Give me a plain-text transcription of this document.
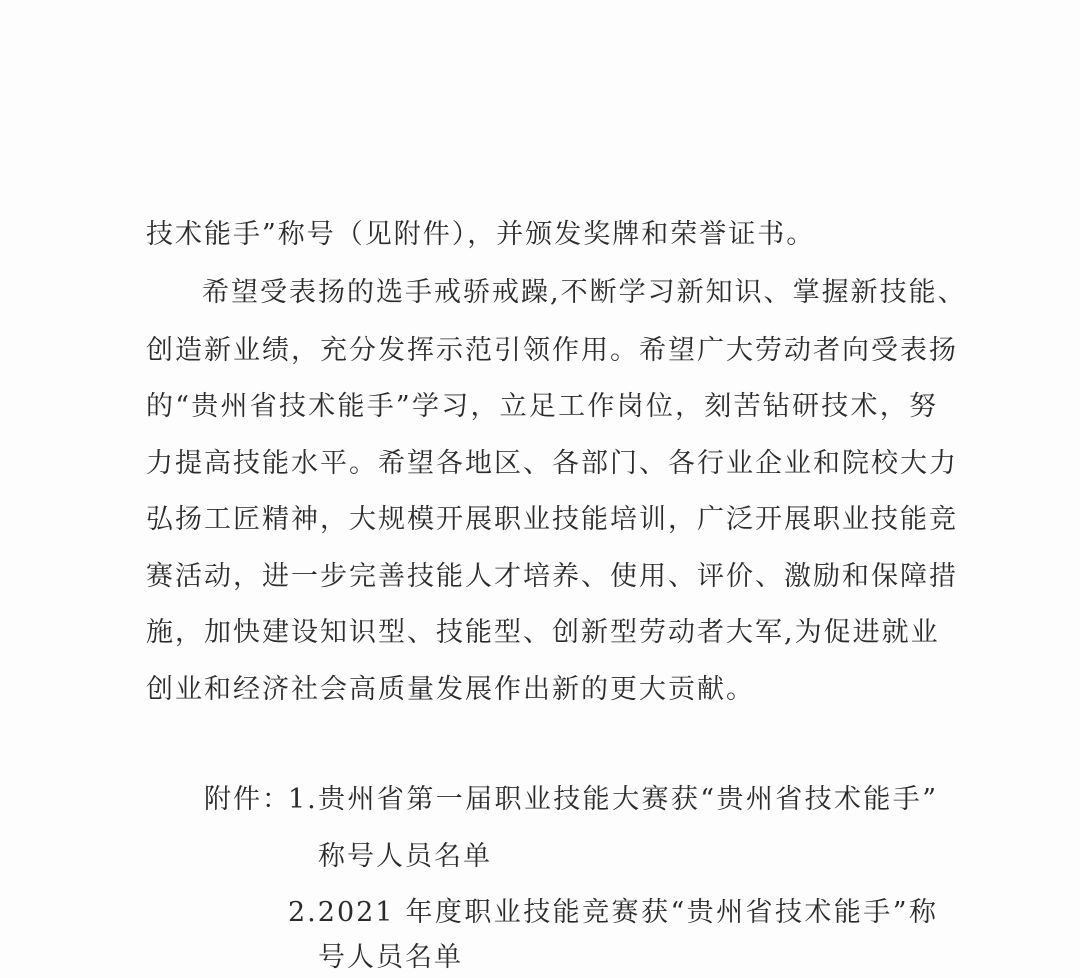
技术能手”称号（见附件），并颁发奖牌和荣誉证书。
希望受表扬的选手戒骄戒躁,不断学习新知识、掌握新技能、
创造新业绩，充分发挥示范引领作用。希望广大劳动者向受表扬
的“贵州省技术能手”学习，立足工作岗位，刻苦钻研技术，努
力提高技能水平。希望各地区、各部门、各行业企业和院校大力
弘扬工匠精神，大规模开展职业技能培训，广泛开展职业技能竞
赛活动，进一步完善技能人才培养、使用、评价、激励和保障措
施，加快建设知识型、技能型、创新型劳动者大军,为促进就业
创业和经济社会高质量发展作出新的更大贡献。
附件：
1.贵州省第一届职业技能大赛获“贵州省技术能手”
称号人员名单
2.2021 年度职业技能竞赛获“贵州省技术能手”称
号人员名单
